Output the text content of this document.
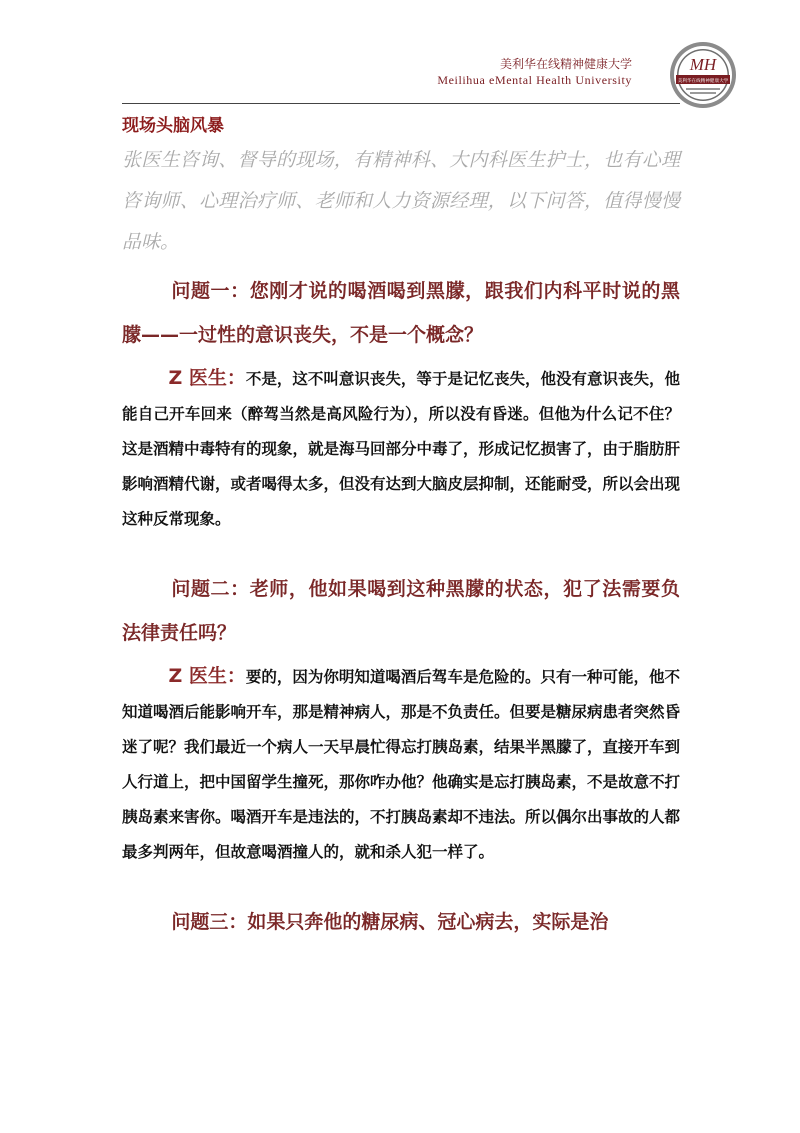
美利华在线精神健康大学
Meilihua eMental Health University
MH
美利华在线精神健康大学

现场头脑风暴

张医生咨询、督导的现场，有精神科、大内科医生护士，也有心理咨询师、心理治疗师、老师和人力资源经理，以下问答，值得慢慢品味。

问题一：您刚才说的喝酒喝到黑朦，跟我们内科平时说的黑朦——一过性的意识丧失，不是一个概念？

Z 医生：不是，这不叫意识丧失，等于是记忆丧失，他没有意识丧失，他能自己开车回来（醉驾当然是高风险行为），所以没有昏迷。但他为什么记不住？这是酒精中毒特有的现象，就是海马回部分中毒了，形成记忆损害了，由于脂肪肝影响酒精代谢，或者喝得太多，但没有达到大脑皮层抑制，还能耐受，所以会出现这种反常现象。

问题二：老师，他如果喝到这种黑朦的状态，犯了法需要负法律责任吗？

Z 医生：要的，因为你明知道喝酒后驾车是危险的。只有一种可能，他不知道喝酒后能影响开车，那是精神病人，那是不负责任。但要是糖尿病患者突然昏迷了呢？我们最近一个病人一天早晨忙得忘打胰岛素，结果半黑朦了，直接开车到人行道上，把中国留学生撞死，那你咋办他？他确实是忘打胰岛素，不是故意不打胰岛素来害你。喝酒开车是违法的，不打胰岛素却不违法。所以偶尔出事故的人都最多判两年，但故意喝酒撞人的，就和杀人犯一样了。

问题三：如果只奔他的糖尿病、冠心病去，实际是治
